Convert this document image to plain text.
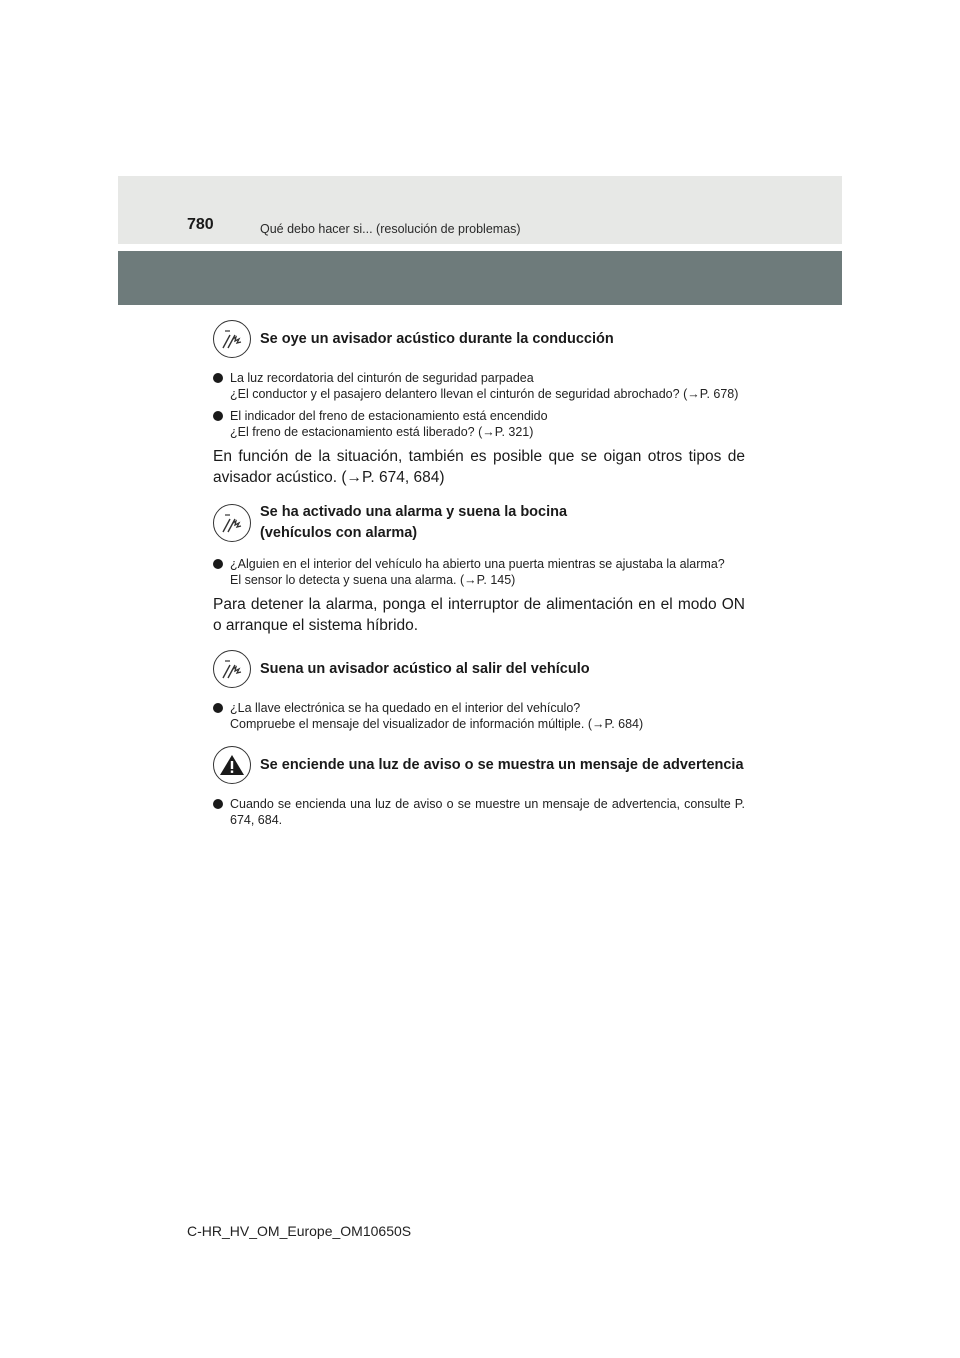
780	Qué debo hacer si... (resolución de problemas)
Se oye un avisador acústico durante la conducción
La luz recordatoria del cinturón de seguridad parpadea
¿El conductor y el pasajero delantero llevan el cinturón de seguridad abrochado? (→P. 678)
El indicador del freno de estacionamiento está encendido
¿El freno de estacionamiento está liberado? (→P. 321)
En función de la situación, también es posible que se oigan otros tipos de avisador acústico. (→P. 674, 684)
Se ha activado una alarma y suena la bocina
(vehículos con alarma)
¿Alguien en el interior del vehículo ha abierto una puerta mientras se ajustaba la alarma?
El sensor lo detecta y suena una alarma. (→P. 145)
Para detener la alarma, ponga el interruptor de alimentación en el modo ON o arranque el sistema híbrido.
Suena un avisador acústico al salir del vehículo
¿La llave electrónica se ha quedado en el interior del vehículo?
Compruebe el mensaje del visualizador de información múltiple. (→P. 684)
Se enciende una luz de aviso o se muestra un mensaje de advertencia
Cuando se encienda una luz de aviso o se muestre un mensaje de advertencia, consulte P. 674, 684.
C-HR_HV_OM_Europe_OM10650S
